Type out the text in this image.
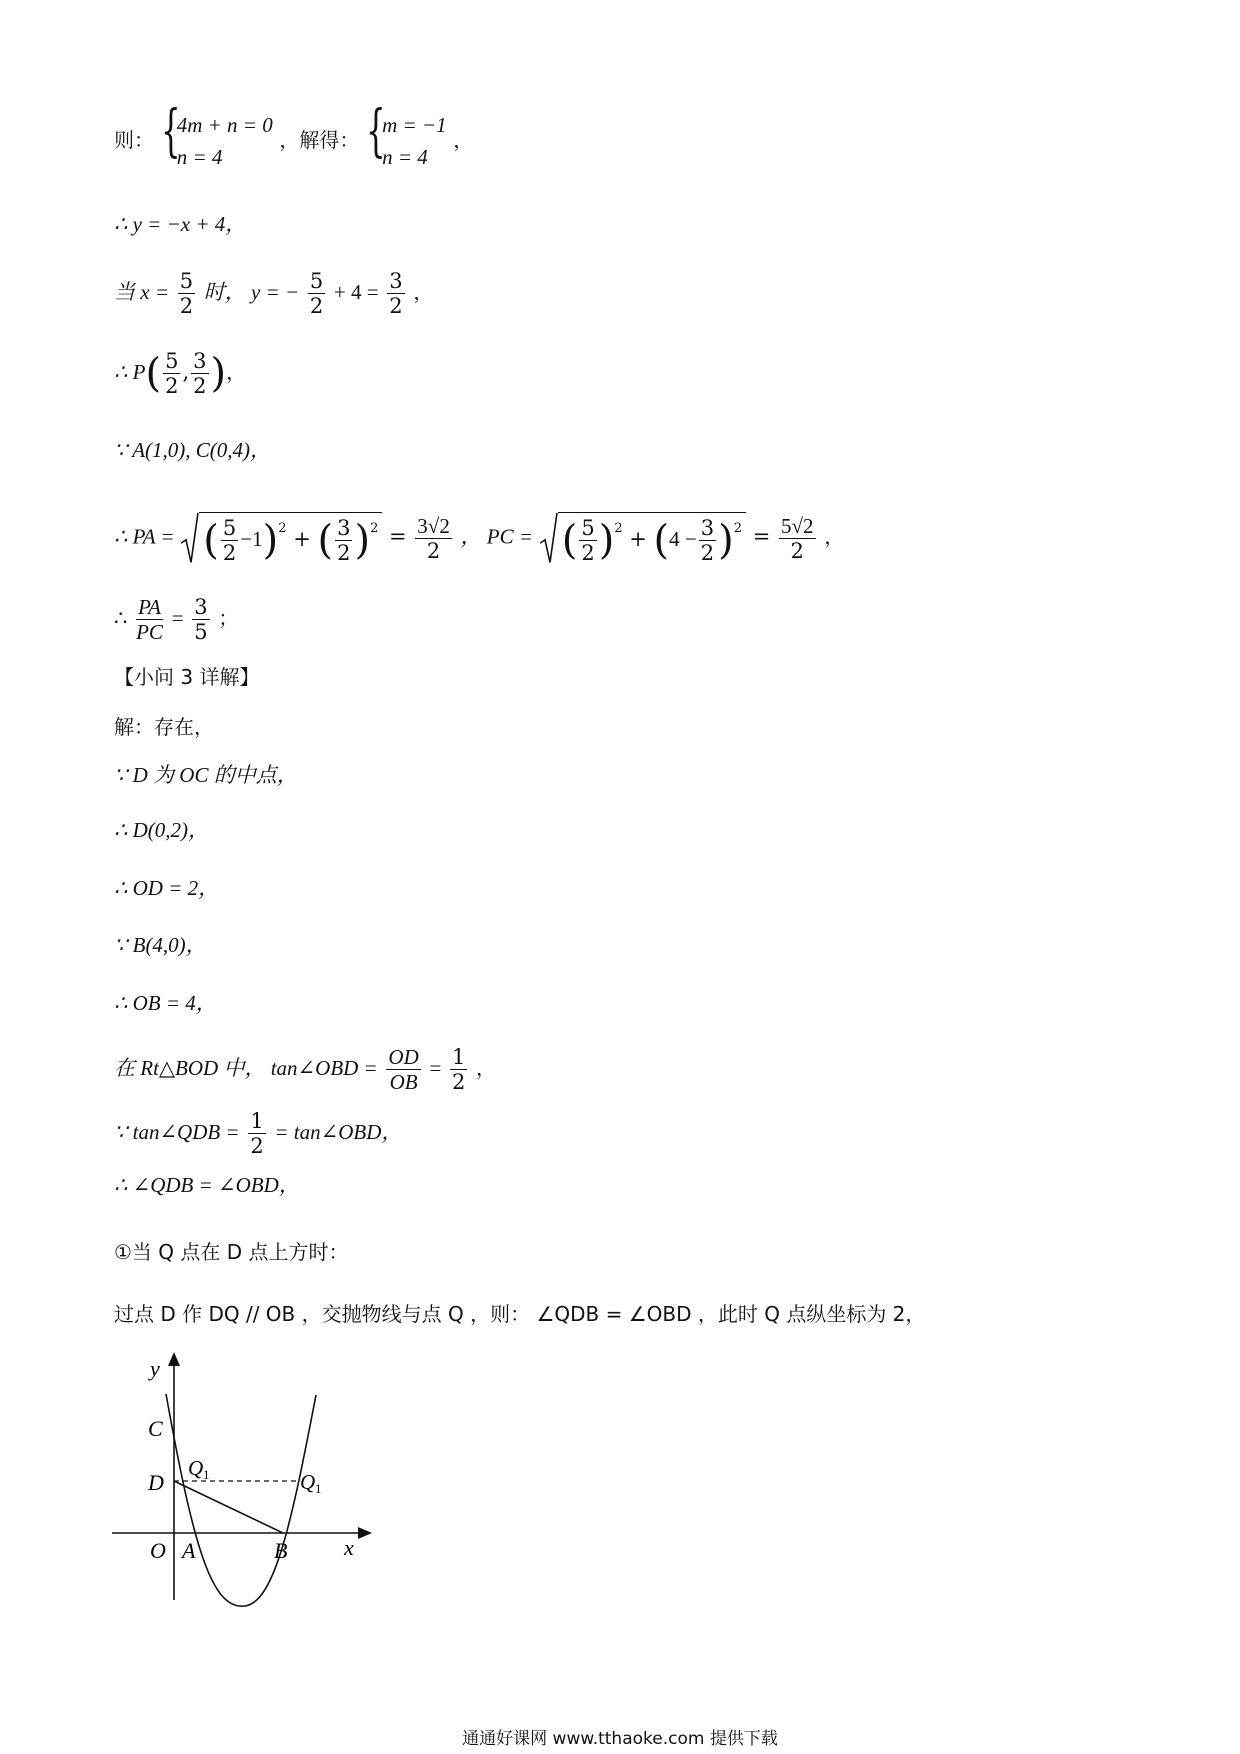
则： {
4m + n = 0
n = 4
，解得： {
m = −1
n = 4
，
∴ y = −x + 4，
当 $x = \frac{5}{2}$ 时， y = − $\frac{5}{2} + 4 = \frac{3}{2}$ ，
∴ $P( \frac{5}{2}$ , $\frac{3}{2}$ )，
∵ A(1,0), C(0,4)，
∴ PA = ( $\frac{5}{2} -1)^2$ + ( $\frac{3}{2} )^2 = \frac{3√2}{2}$ ， PC = ( $\frac{5}{2} )^2 + (4 - \frac{3}{2} )^2 = \frac{5√2}{2}$ ，
∴ $\frac{PA}{PC} = \frac{3}{5}$ ；
【小问 3 详解】
解：存在，
∵ D 为 OC 的中点，
∴ D(0,2)，
∴ OD = 2，
∵ B(4,0)，
∴ OB = 4，
在 Rt△BOD 中， tan∠OBD = $\frac{OD}{OB} = \frac{1}{2}$ ，
∵ tan∠QDB = $\frac{1}{2}$ = tan∠OBD，
∴ ∠QDB = ∠OBD，
①当 Q 点在 D 点上方时：
过点 D 作 DQ // OB ，交抛物线与点 Q ，则： ∠QDB = ∠OBD ，此时 Q 点纵坐标为 2，
y
x
C
D
O A	B
Q 1	Q 1
通通好课网 www.tthaoke.com 提供下载
